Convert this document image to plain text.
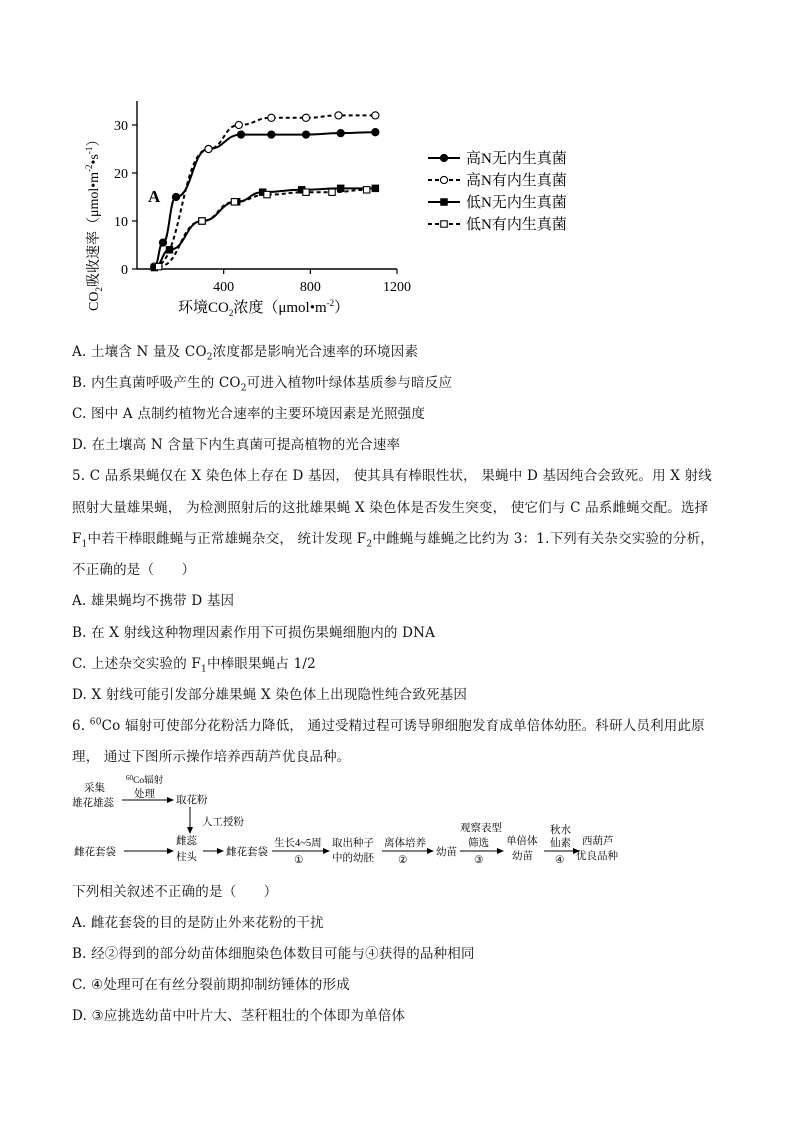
$CO_2$吸收速率$(\mu mol•m^{-2}•s^{-1})$
0
10
20
30
400	800	1200
A
环境$CO_2$浓度$(\mu mol•m^{-2})$
高N无内生真菌
高N有内生真菌
低N无内生真菌
低N有内生真菌
A. 土壤含 N 量及 $CO_2$浓度都是影响光合速率的环境因素
B. 内生真菌呼吸产生的 $CO_2$可进入植物叶绿体基质参与暗反应
C. 图中 A 点制约植物光合速率的主要环境因素是光照强度
D. 在土壤高 N 含量下内生真菌可提高植物的光合速率
5. C 品系果蝇仅在 X 染色体上存在 D 基因， 使其具有棒眼性状， 果蝇中 D 基因纯合会致死。用 X 射线
照射大量雄果蝇， 为检测照射后的这批雄果蝇 X 染色体是否发生突变， 使它们与 C 品系雌蝇交配。选择
$F_1$中若干棒眼雌蝇与正常雄蝇杂交， 统计发现 $F_2$中雌蝇与雄蝇之比约为 3：1.下列有关杂交实验的分析，
不正确的是（　　）
A. 雄果蝇均不携带 D 基因
B. 在 X 射线这种物理因素作用下可损伤果蝇细胞内的 DNA
C. 上述杂交实验的 $F_1$中棒眼果蝇占 1/2
D. X 射线可能引发部分雄果蝇 X 染色体上出现隐性纯合致死基因
6. $^{60}$Co 辐射可使部分花粉活力降低， 通过受精过程可诱导卵细胞发育成单倍体幼胚。科研人员利用此原
理， 通过下图所示操作培养西葫芦优良品种。
采集
雄花雄蕊
$^{60}$Co辐射
处理
取花粉
人工授粉
雌花套袋
雌蕊
柱头	雌花套袋
生长4~5周
①
取出种子
中的幼胚
离体培养
②
幼苗
观察表型
筛选
③
单倍体
幼苗
秋水
仙素
④
西葫芦
优良品种
下列相关叙述不正确的是（　　）
A. 雌花套袋的目的是防止外来花粉的干扰
B. 经②得到的部分幼苗体细胞染色体数目可能与④获得的品种相同
C. ④处理可在有丝分裂前期抑制纺锤体的形成
D. ③应挑选幼苗中叶片大、茎秆粗壮的个体即为单倍体
